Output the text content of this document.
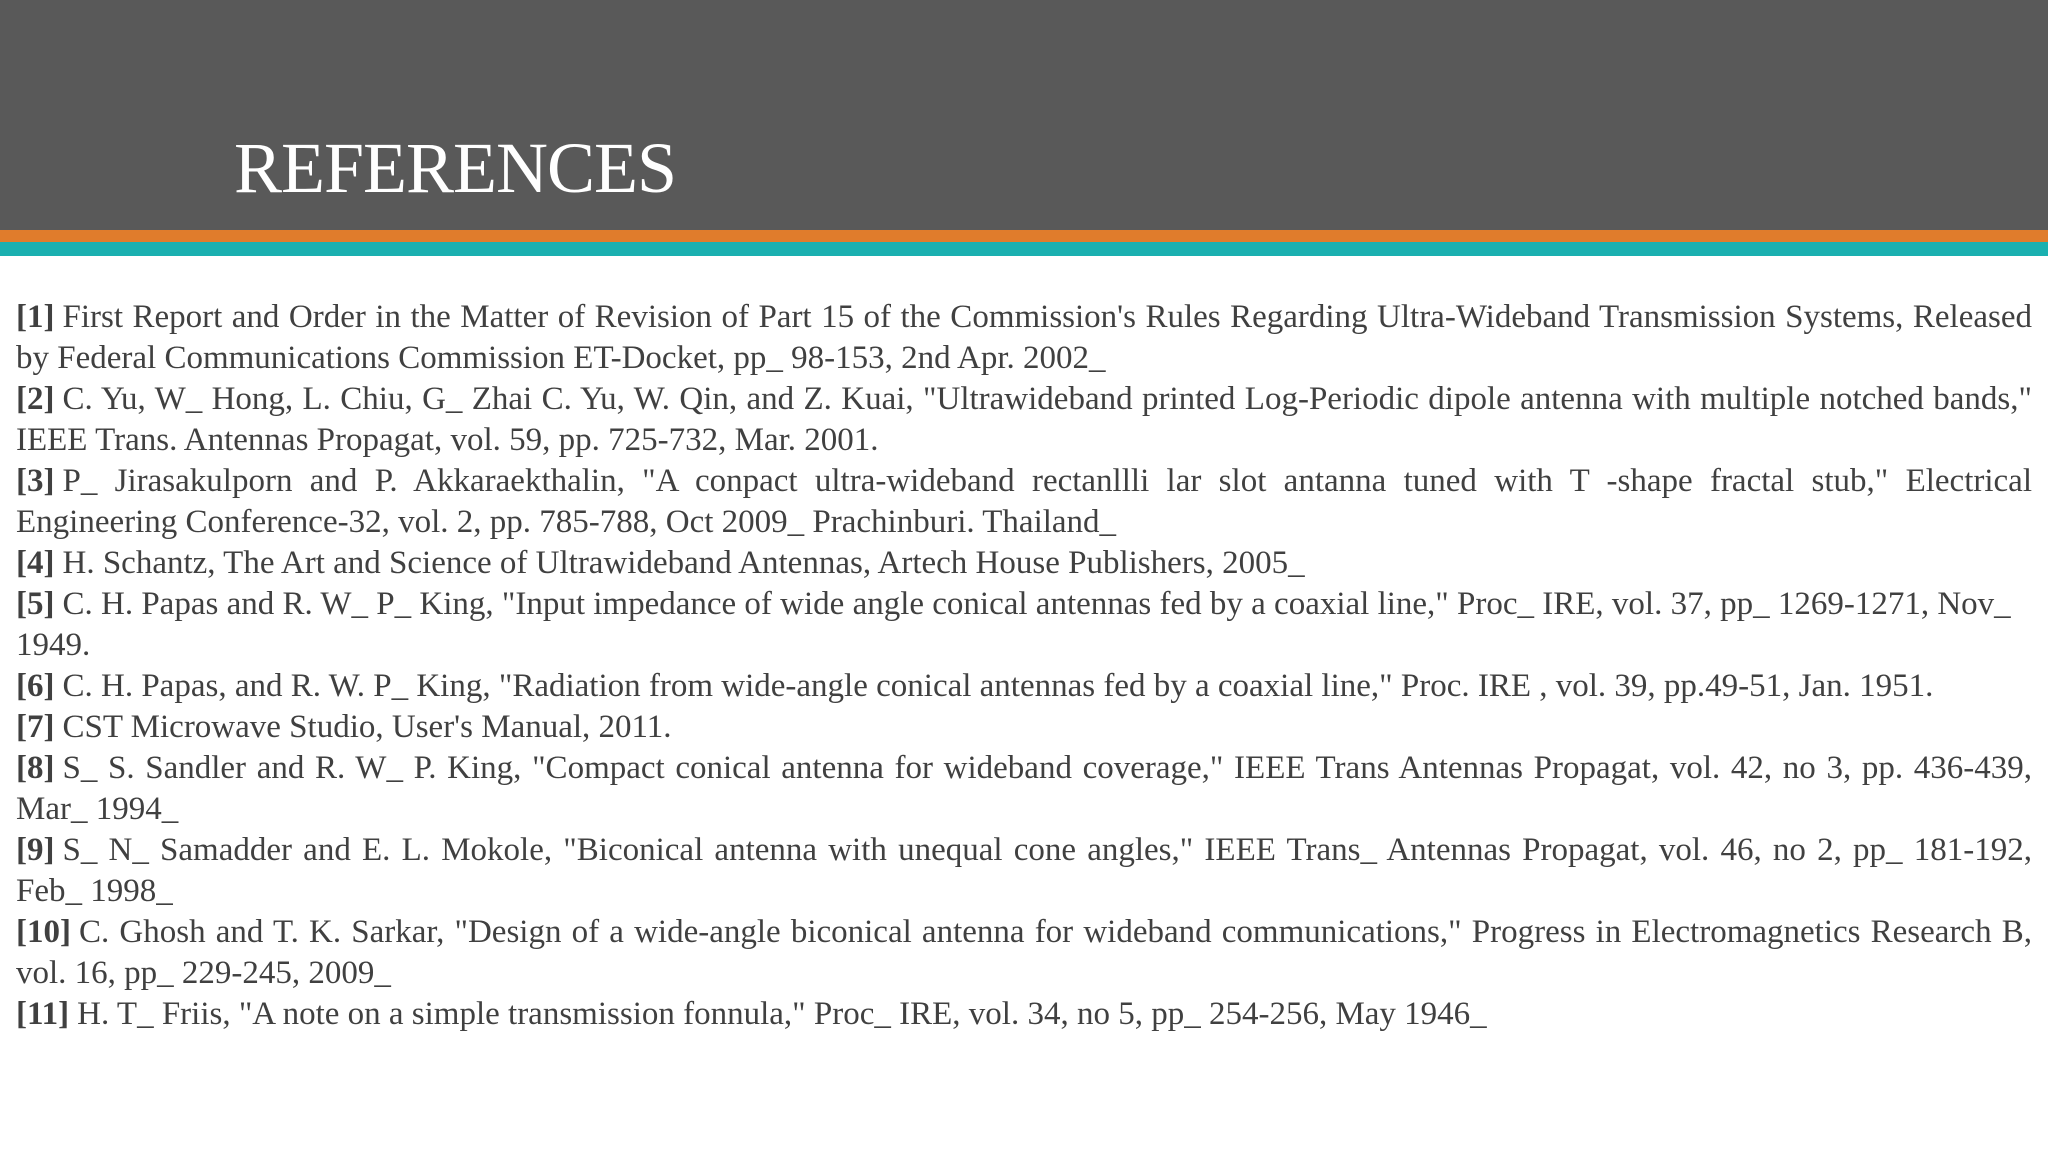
REFERENCES
[1] First Report and Order in the Matter of Revision of Part 15 of the Commission's Rules Regarding Ultra-Wideband Transmission Systems, Released by Federal Communications Commission ET-Docket, pp_ 98-153, 2nd Apr. 2002_
[2] C. Yu, W_ Hong, L. Chiu, G_ Zhai C. Yu, W. Qin, and Z. Kuai, "Ultrawideband printed Log-Periodic dipole antenna with multiple notched bands," IEEE Trans. Antennas Propagat, vol. 59, pp. 725-732, Mar. 2001.
[3] P_ Jirasakulporn and P. Akkaraekthalin, "A conpact ultra-wideband rectanllli lar slot antanna tuned with T -shape fractal stub," Electrical Engineering Conference-32, vol. 2, pp. 785-788, Oct 2009_ Prachinburi. Thailand_
[4] H. Schantz, The Art and Science of Ultrawideband Antennas, Artech House Publishers, 2005_
[5] C. H. Papas and R. W_ P_ King, "Input impedance of wide angle conical antennas fed by a coaxial line," Proc_ IRE, vol. 37, pp_ 1269-1271, Nov_
1949.
[6] C. H. Papas, and R. W. P_ King, "Radiation from wide-angle conical antennas fed by a coaxial line," Proc. IRE , vol. 39, pp.49-51, Jan. 1951.
[7] CST Microwave Studio, User's Manual, 2011.
[8] S_ S. Sandler and R. W_ P. King, "Compact conical antenna for wideband coverage," IEEE Trans Antennas Propagat, vol. 42, no 3, pp. 436-439, Mar_ 1994_
[9] S_ N_ Samadder and E. L. Mokole, "Biconical antenna with unequal cone angles," IEEE Trans_ Antennas Propagat, vol. 46, no 2, pp_ 181-192, Feb_ 1998_
[10] C. Ghosh and T. K. Sarkar, "Design of a wide-angle biconical antenna for wideband communications," Progress in Electromagnetics Research B, vol. 16, pp_ 229-245, 2009_
[11] H. T_ Friis, "A note on a simple transmission fonnula," Proc_ IRE, vol. 34, no 5, pp_ 254-256, May 1946_
